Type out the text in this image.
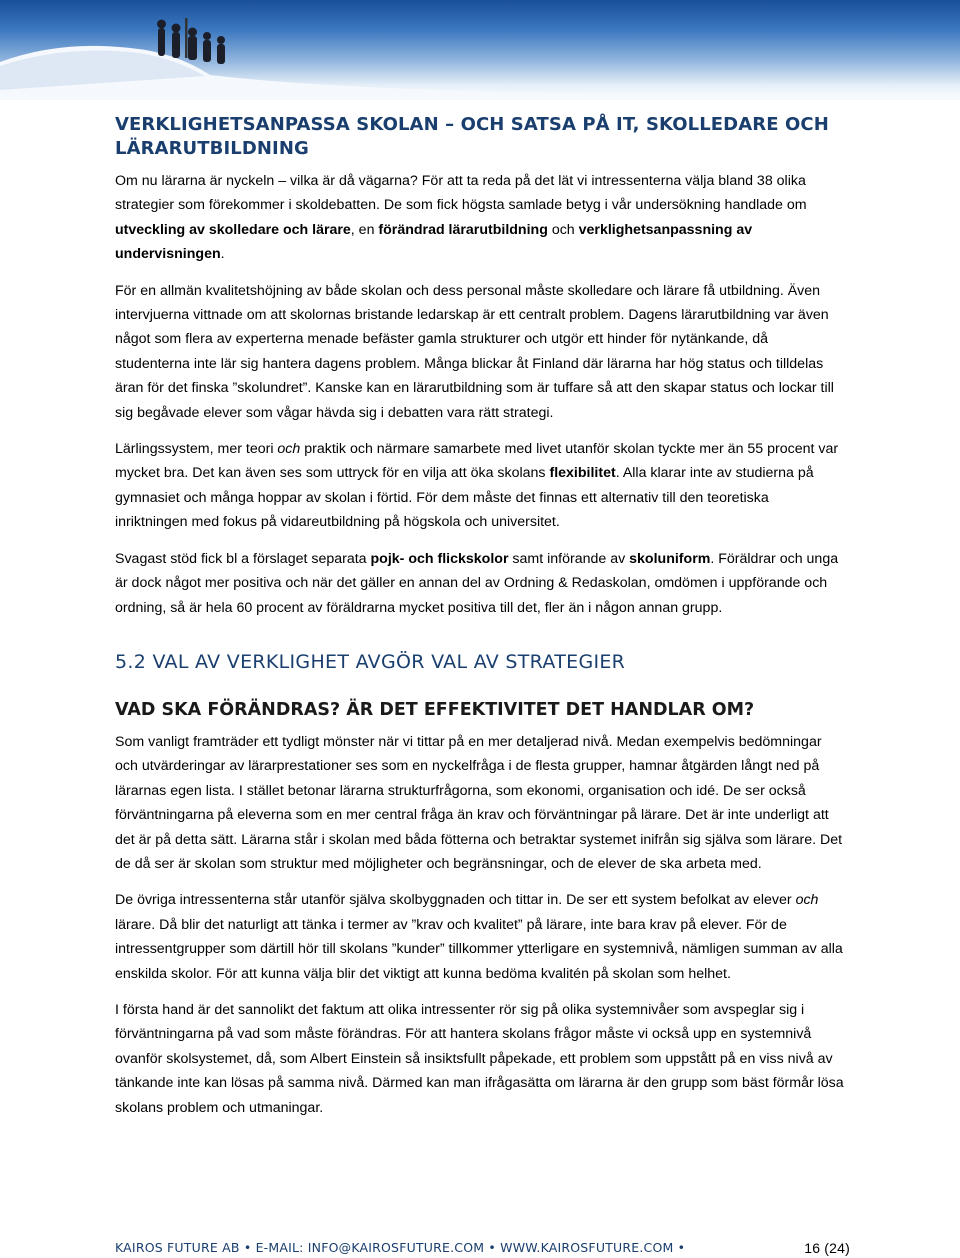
VERKLIGHETSANPASSA SKOLAN – OCH SATSA PÅ IT, SKOLLEDARE OCH LÄRARUTBILDNING

Om nu lärarna är nyckeln – vilka är då vägarna? För att ta reda på det lät vi intressenterna välja bland 38 olika strategier som förekommer i skoldebatten. De som fick högsta samlade betyg i vår undersökning handlade om utveckling av skolledare och lärare, en förändrad lärarutbildning och verklighetsanpassning av undervisningen.

För en allmän kvalitetshöjning av både skolan och dess personal måste skolledare och lärare få utbildning. Även intervjuerna vittnade om att skolornas bristande ledarskap är ett centralt problem. Dagens lärarutbildning var även något som flera av experterna menade befäster gamla strukturer och utgör ett hinder för nytänkande, då studenterna inte lär sig hantera dagens problem. Många blickar åt Finland där lärarna har hög status och tilldelas äran för det finska ”skolundret”. Kanske kan en lärarutbildning som är tuffare så att den skapar status och lockar till sig begåvade elever som vågar hävda sig i debatten vara rätt strategi.

Lärlingssystem, mer teori och praktik och närmare samarbete med livet utanför skolan tyckte mer än 55 procent var mycket bra. Det kan även ses som uttryck för en vilja att öka skolans flexibilitet. Alla klarar inte av studierna på gymnasiet och många hoppar av skolan i förtid. För dem måste det finnas ett alternativ till den teoretiska inriktningen med fokus på vidareutbildning på högskola och universitet.

Svagast stöd fick bl a förslaget separata pojk- och flickskolor samt införande av skoluniform. Föräldrar och unga är dock något mer positiva och när det gäller en annan del av Ordning & Redaskolan, omdömen i uppförande och ordning, så är hela 60 procent av föräldrarna mycket positiva till det, fler än i någon annan grupp.

5.2 VAL AV VERKLIGHET AVGÖR VAL AV STRATEGIER
VAD SKA FÖRÄNDRAS? ÄR DET EFFEKTIVITET DET HANDLAR OM?

Som vanligt framträder ett tydligt mönster när vi tittar på en mer detaljerad nivå. Medan exempelvis bedömningar och utvärderingar av lärarprestationer ses som en nyckelfråga i de flesta grupper, hamnar åtgärden långt ned på lärarnas egen lista. I stället betonar lärarna strukturfrågorna, som ekonomi, organisation och idé. De ser också förväntningarna på eleverna som en mer central fråga än krav och förväntningar på lärare. Det är inte underligt att det är på detta sätt. Lärarna står i skolan med båda fötterna och betraktar systemet inifrån sig själva som lärare. Det de då ser är skolan som struktur med möjligheter och begränsningar, och de elever de ska arbeta med.

De övriga intressenterna står utanför själva skolbyggnaden och tittar in. De ser ett system befolkat av elever och lärare. Då blir det naturligt att tänka i termer av ”krav och kvalitet” på lärare, inte bara krav på elever. För de intressentgrupper som därtill hör till skolans ”kunder” tillkommer ytterligare en systemnivå, nämligen summan av alla enskilda skolor. För att kunna välja blir det viktigt att kunna bedöma kvalitén på skolan som helhet.

I första hand är det sannolikt det faktum att olika intressenter rör sig på olika systemnivåer som avspeglar sig i förväntningarna på vad som måste förändras. För att hantera skolans frågor måste vi också upp en systemnivå ovanför skolsystemet, då, som Albert Einstein så insiktsfullt påpekade, ett problem som uppstått på en viss nivå av tänkande inte kan lösas på samma nivå. Därmed kan man ifrågasätta om lärarna är den grupp som bäst förmår lösa skolans problem och utmaningar.

KAIROS FUTURE AB • E-MAIL: INFO@KAIROSFUTURE.COM • WWW.KAIROSFUTURE.COM •	16 (24)
